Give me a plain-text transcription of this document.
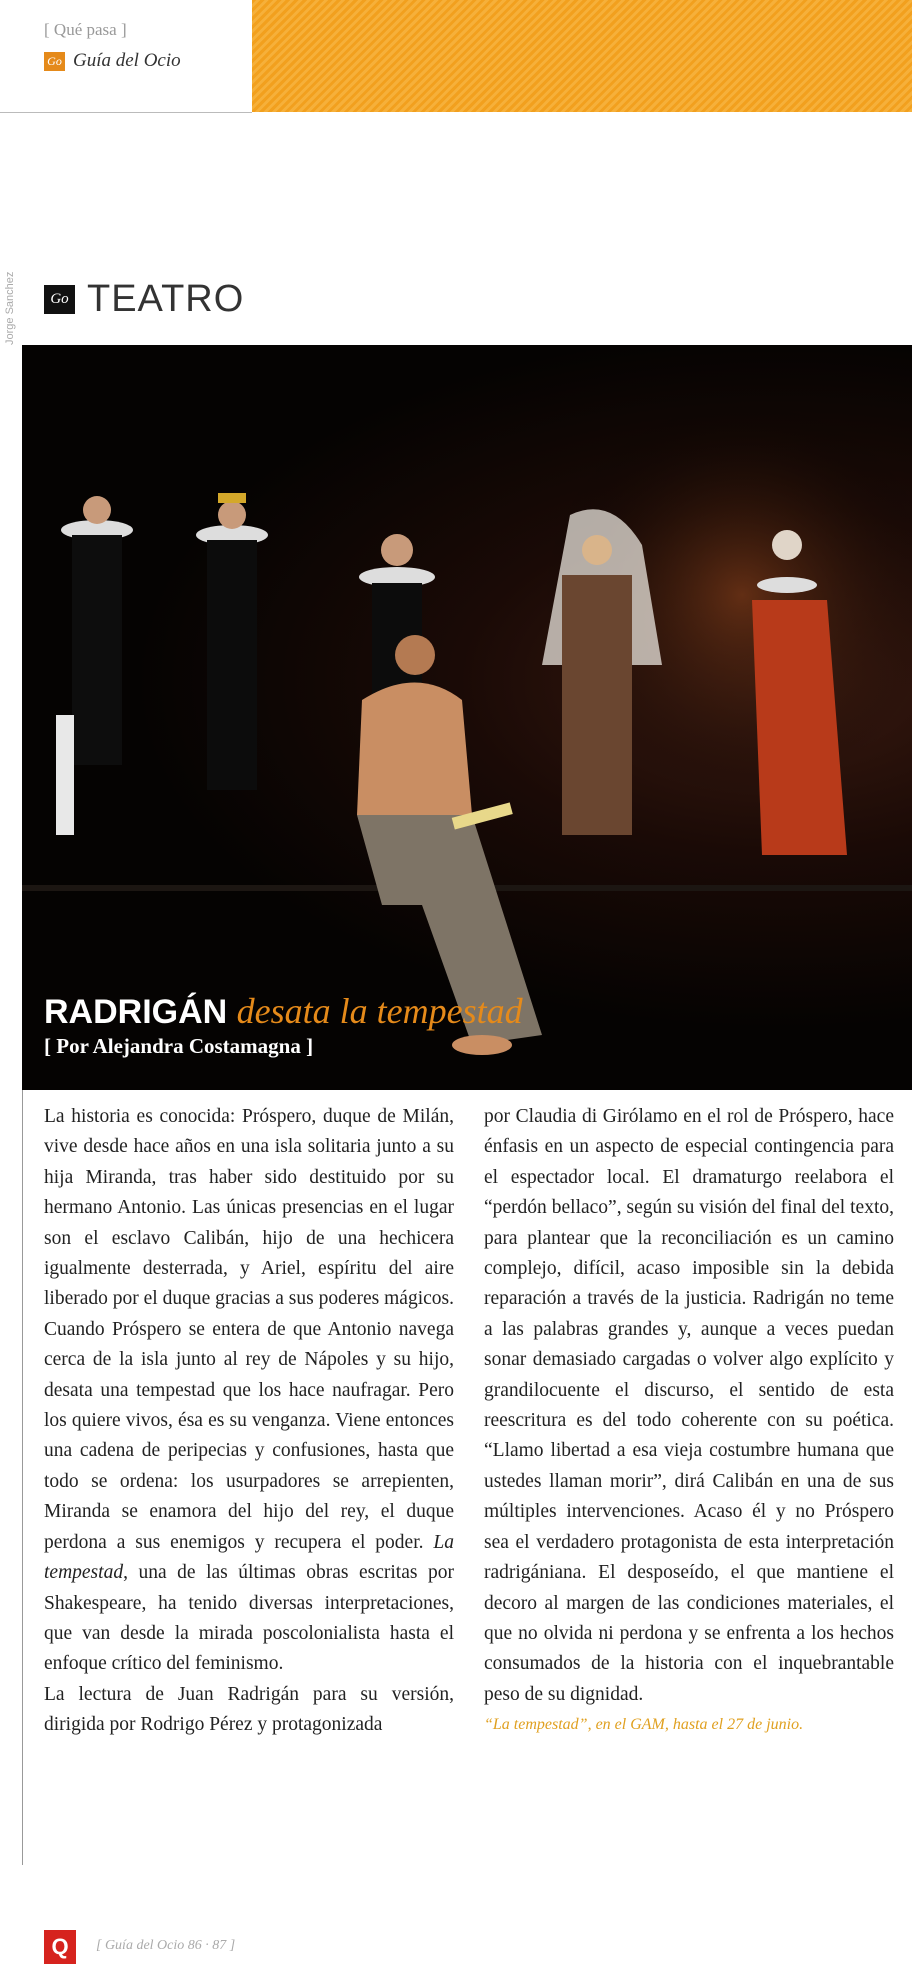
[ Qué pasa ]
Go Guía del Ocio
Jorge Sanchez	Go TEATRO
RADRIGÁN desata la tempestad
[ Por Alejandra Costamagna ]

La historia es conocida: Próspero, duque de Milán, vive desde hace años en una isla solitaria junto a su hija Miranda, tras haber sido destituido por su hermano Antonio. Las únicas presencias en el lugar son el esclavo Calibán, hijo de una hechicera igualmente desterrada, y Ariel, espíritu del aire liberado por el duque gracias a sus poderes mágicos. Cuando Próspero se entera de que Antonio navega cerca de la isla junto al rey de Nápoles y su hijo, desata una tempestad que los hace naufragar. Pero los quiere vivos, ésa es su venganza. Viene entonces una cadena de peripecias y confusiones, hasta que todo se ordena: los usurpadores se arrepienten, Miranda se enamora del hijo del rey, el duque perdona a sus enemigos y recupera el poder. La tempestad, una de las últimas obras escritas por Shakespeare, ha tenido diversas interpretaciones, que van desde la mirada poscolonialista hasta el enfoque crítico del feminismo.

La lectura de Juan Radrigán para su versión, dirigida por Rodrigo Pérez y protagonizada

por Claudia di Girólamo en el rol de Próspero, hace énfasis en un aspecto de especial contingencia para el espectador local. El dramaturgo reelabora el “perdón bellaco”, según su visión del final del texto, para plantear que la reconciliación es un camino complejo, difícil, acaso imposible sin la debida reparación a través de la justicia. Radrigán no teme a las palabras grandes y, aunque a veces puedan sonar demasiado cargadas o volver algo explícito y grandilocuente el discurso, el sentido de esta reescritura es del todo coherente con su poética. “Llamo libertad a esa vieja costumbre humana que ustedes llaman morir”, dirá Calibán en una de sus múltiples intervenciones. Acaso él y no Próspero sea el verdadero protagonista de esta interpretación radrigániana. El desposeído, el que mantiene el decoro al margen de las condiciones materiales, el que no olvida ni perdona y se enfrenta a los hechos consumados de la historia con el inquebrantable peso de su dignidad.

“La tempestad”, en el GAM, hasta el 27 de junio.

Q	[ Guía del Ocio 86 · 87 ]
